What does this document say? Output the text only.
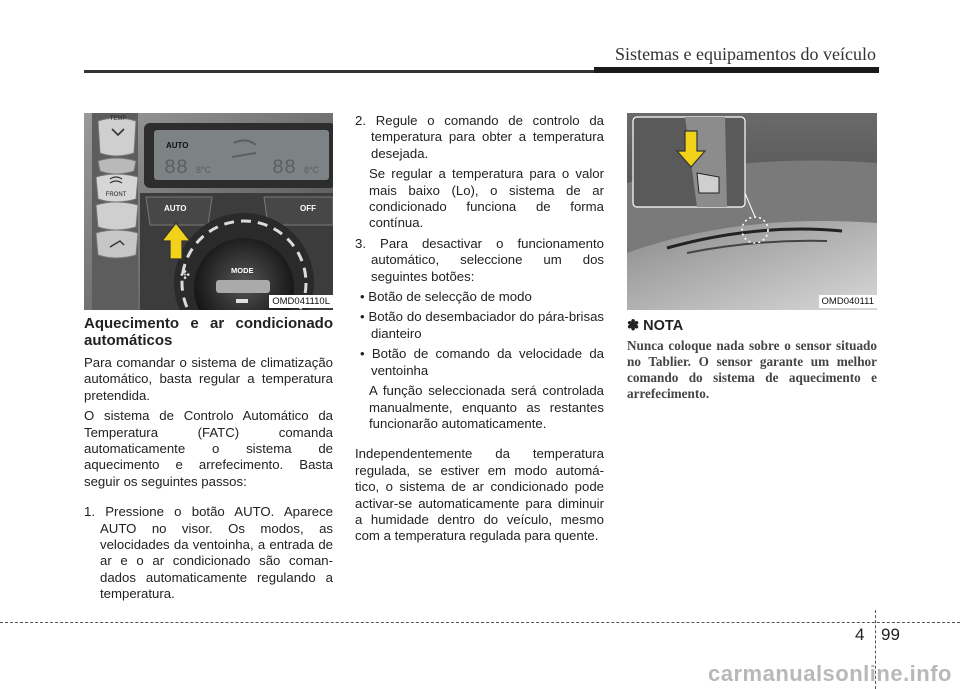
Sistemas e equipamentos do veículo
TEMP
FRONT
AUTO
88 8°C	88 8°C
AUTO	OFF
MODE
✣
OMD041110L	OMD040111
Aquecimento e ar condicionado automáticos

Para comandar o sistema de climatização automático, basta regular a temperatura pretendida.

O sistema de Controlo Automático da Temperatura (FATC) comanda automaticamente o sistema de aquecimento e arrefecimento. Basta seguir os seguintes passos:

1. Pressione o botão AUTO. Aparece AUTO no visor. Os modos, as velocidades da ventoinha, a entrada de ar e o ar condicionado são coman-dados automaticamente regulando a temperatura.

2. Regule o comando de controlo da temperatura para obter a temperatura desejada.

Se regular a temperatura para o valor mais baixo (Lo), o sistema de ar condicionado funciona de forma contínua.

3. Para desactivar o funcionamento automático, seleccione um dos seguintes botões:

• Botão de selecção de modo

• Botão do desembaciador do pára-brisas dianteiro

• Botão de comando da velocidade da ventoinha

A função seleccionada será controlada manualmente, enquanto as restantes funcionarão automaticamente.

Independentemente da temperatura regulada, se estiver em modo automá-tico, o sistema de ar condicionado pode activar-se automaticamente para diminuir a humidade dentro do veículo, mesmo com a temperatura regulada para quente.

✽ NOTA
Nunca coloque nada sobre o sensor situado no Tablier. O sensor garante um melhor comando do sistema de aquecimento e arrefecimento.
4 99
carmanualsonline.info
